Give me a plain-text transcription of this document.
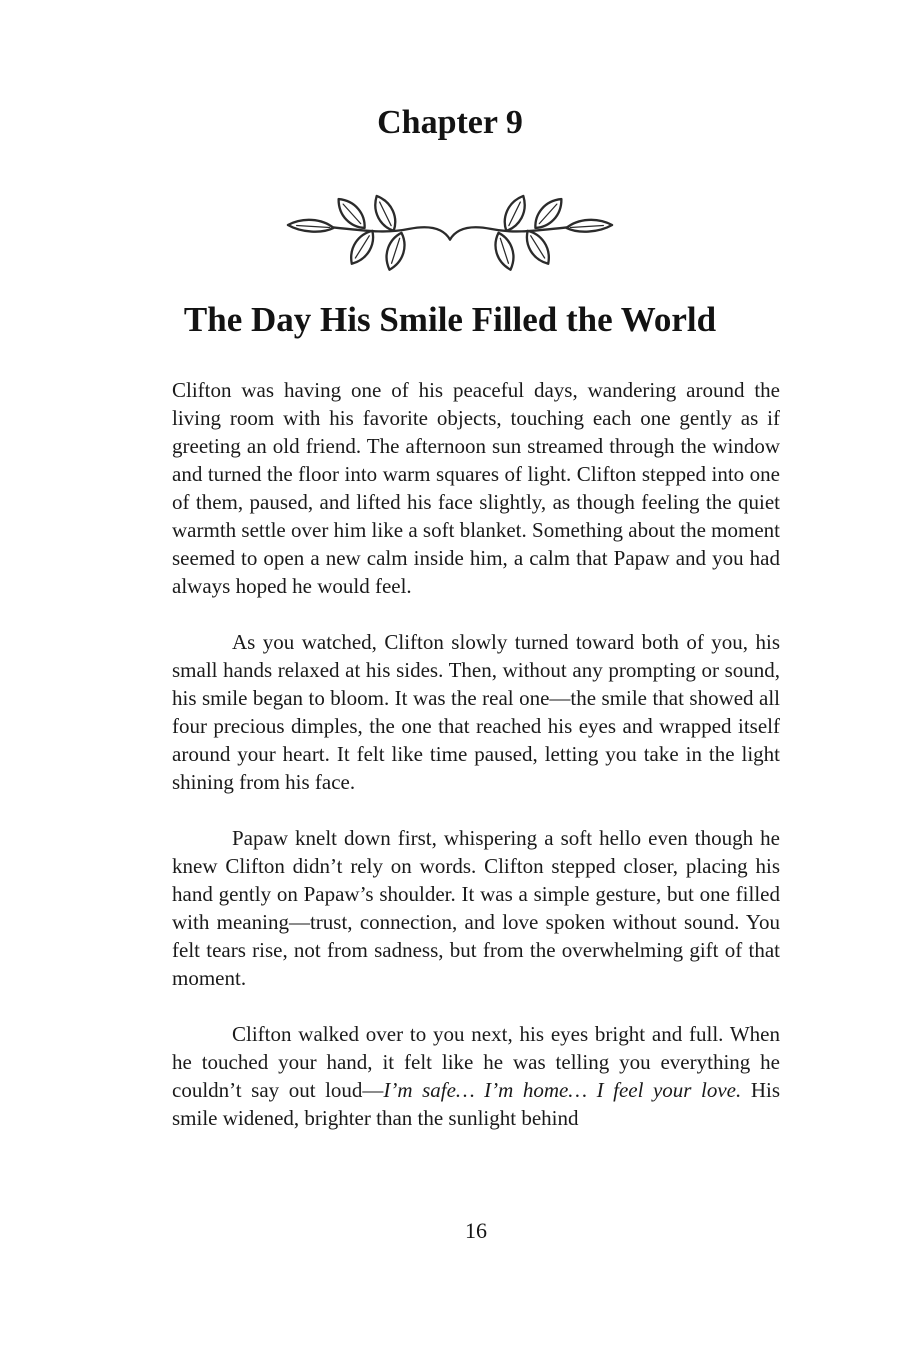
Chapter 9
The Day His Smile Filled the World

Clifton was having one of his peaceful days, wandering around the living room with his favorite objects, touching each one gently as if greeting an old friend. The afternoon sun streamed through the window and turned the floor into warm squares of light. Clifton stepped into one of them, paused, and lifted his face slightly, as though feeling the quiet warmth settle over him like a soft blanket. Something about the moment seemed to open a new calm inside him, a calm that Papaw and you had always hoped he would feel.

As you watched, Clifton slowly turned toward both of you, his small hands relaxed at his sides. Then, without any prompting or sound, his smile began to bloom. It was the real one—the smile that showed all four precious dimples, the one that reached his eyes and wrapped itself around your heart. It felt like time paused, letting you take in the light shining from his face.

Papaw knelt down first, whispering a soft hello even though he knew Clifton didn’t rely on words. Clifton stepped closer, placing his hand gently on Papaw’s shoulder. It was a simple gesture, but one filled with meaning—trust, connection, and love spoken without sound. You felt tears rise, not from sadness, but from the overwhelming gift of that moment.

Clifton walked over to you next, his eyes bright and full. When he touched your hand, it felt like he was telling you everything he couldn’t say out loud—I’m safe… I’m home… I feel your love. His smile widened, brighter than the sunlight behind

16
